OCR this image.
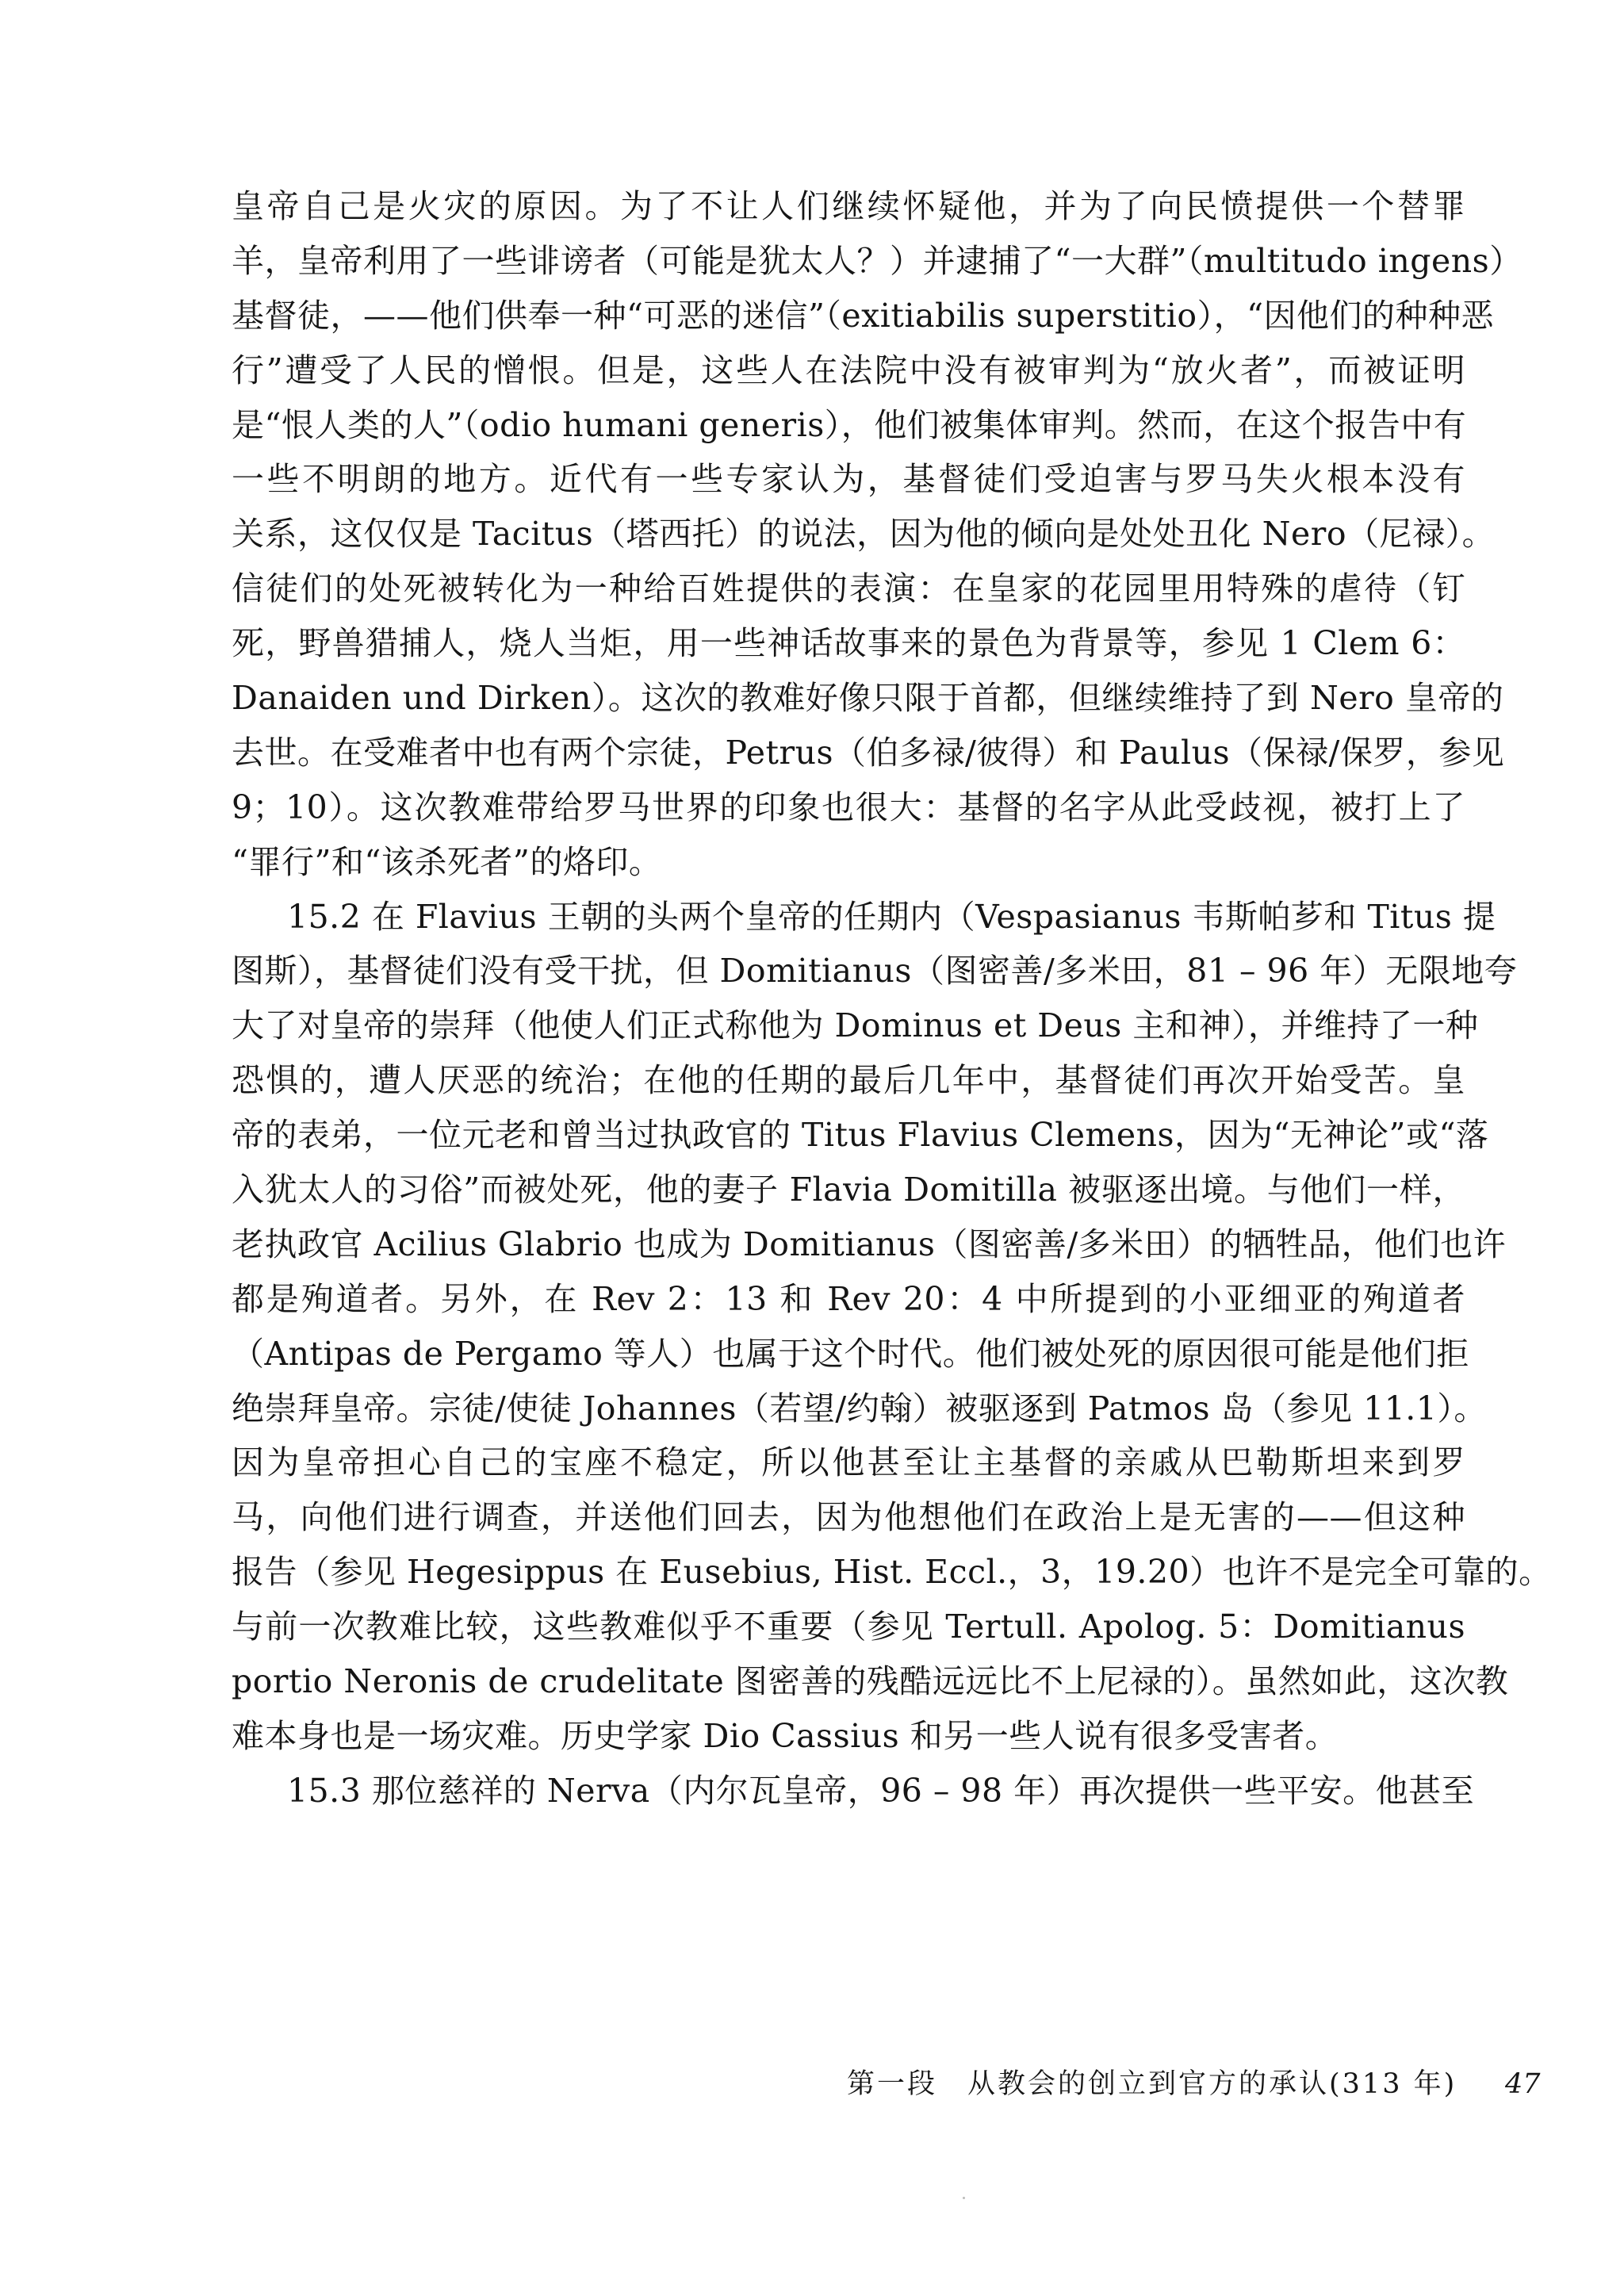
皇帝自己是火灾的原因。为了不让人们继续怀疑他，并为了向民愤提供一个替罪

羊，皇帝利用了一些诽谤者（可能是犹太人？）并逮捕了“一大群”（multitudo ingens）

基督徒，——他们供奉一种“可恶的迷信”（exitiabilis superstitio），“因他们的种种恶

行”遭受了人民的憎恨。但是，这些人在法院中没有被审判为“放火者”，而被证明

是“恨人类的人”（odio humani generis），他们被集体审判。然而，在这个报告中有

一些不明朗的地方。近代有一些专家认为，基督徒们受迫害与罗马失火根本没有

关系，这仅仅是 Tacitus（塔西托）的说法，因为他的倾向是处处丑化 Nero（尼禄）。

信徒们的处死被转化为一种给百姓提供的表演：在皇家的花园里用特殊的虐待（钉

死，野兽猎捕人，烧人当炬，用一些神话故事来的景色为背景等，参见 1 Clem 6：

Danaiden und Dirken）。这次的教难好像只限于首都，但继续维持了到 Nero 皇帝的

去世。在受难者中也有两个宗徒，Petrus（伯多禄/彼得）和 Paulus（保禄/保罗，参见

9；10）。这次教难带给罗马世界的印象也很大：基督的名字从此受歧视，被打上了

“罪行”和“该杀死者”的烙印。

15.2 在 Flavius 王朝的头两个皇帝的任期内（Vespasianus 韦斯帕芗和 Titus 提

图斯），基督徒们没有受干扰，但 Domitianus（图密善/多米田，81 – 96 年）无限地夸

大了对皇帝的崇拜（他使人们正式称他为 Dominus et Deus 主和神），并维持了一种

恐惧的，遭人厌恶的统治；在他的任期的最后几年中，基督徒们再次开始受苦。皇

帝的表弟，一位元老和曾当过执政官的 Titus Flavius Clemens，因为“无神论”或“落

入犹太人的习俗”而被处死，他的妻子 Flavia Domitilla 被驱逐出境。与他们一样，

老执政官 Acilius Glabrio 也成为 Domitianus（图密善/多米田）的牺牲品，他们也许

都是殉道者。另外，在 Rev 2：13 和 Rev 20：4 中所提到的小亚细亚的殉道者

（Antipas de Pergamo 等人）也属于这个时代。他们被处死的原因很可能是他们拒

绝崇拜皇帝。宗徒/使徒 Johannes（若望/约翰）被驱逐到 Patmos 岛（参见 11.1）。

因为皇帝担心自己的宝座不稳定，所以他甚至让主基督的亲戚从巴勒斯坦来到罗

马，向他们进行调查，并送他们回去，因为他想他们在政治上是无害的——但这种

报告（参见 Hegesippus 在 Eusebius, Hist. Eccl.，3，19.20）也许不是完全可靠的。

与前一次教难比较，这些教难似乎不重要（参见 Tertull. Apolog. 5：Domitianus

portio Neronis de crudelitate 图密善的残酷远远比不上尼禄的）。虽然如此，这次教

难本身也是一场灾难。历史学家 Dio Cassius 和另一些人说有很多受害者。

15.3 那位慈祥的 Nerva（内尔瓦皇帝，96 – 98 年）再次提供一些平安。他甚至

第一段　从教会的创立到官方的承认(313 年) 47
